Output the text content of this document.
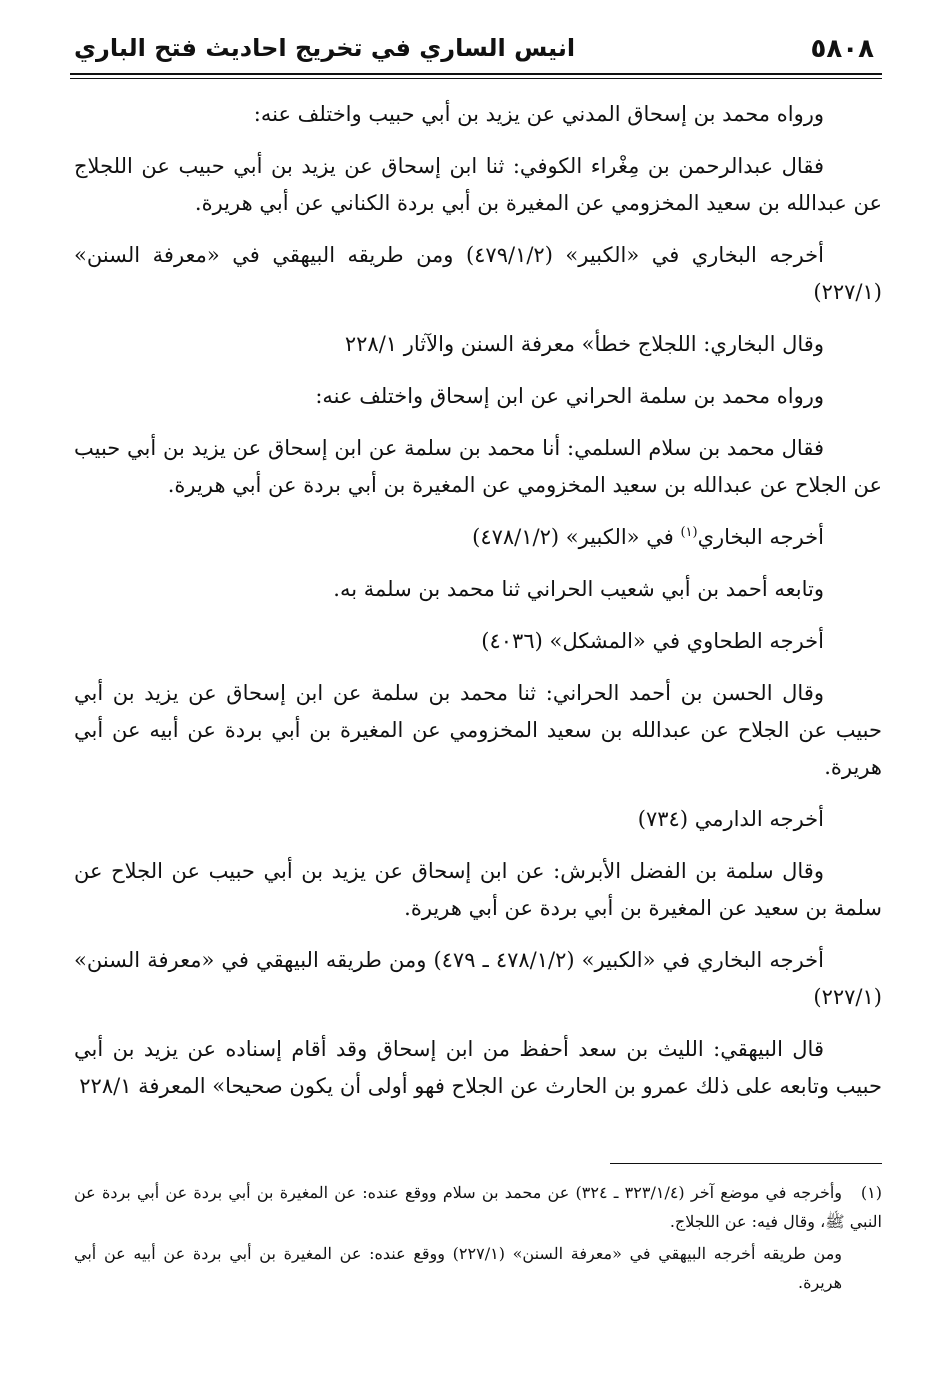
٥٨٠٨
انيس الساري في تخريج احاديث فتح الباري

ورواه محمد بن إسحاق المدني عن يزيد بن أبي حبيب واختلف عنه:

فقال عبدالرحمن بن مِغْراء الكوفي: ثنا ابن إسحاق عن يزيد بن أبي حبيب عن اللجلاج عن عبدالله بن سعيد المخزومي عن المغيرة بن أبي بردة الكناني عن أبي هريرة.

أخرجه البخاري في «الكبير» (٤٧٩/١/٢) ومن طريقه البيهقي في «معرفة السنن» (٢٢٧/١)

وقال البخاري: اللجلاج خطأ» معرفة السنن والآثار ٢٢٨/١

ورواه محمد بن سلمة الحراني عن ابن إسحاق واختلف عنه:

فقال محمد بن سلام السلمي: أنا محمد بن سلمة عن ابن إسحاق عن يزيد بن أبي حبيب عن الجلاح عن عبدالله بن سعيد المخزومي عن المغيرة بن أبي بردة عن أبي هريرة.

أخرجه البخاري$^{(١)}$ في «الكبير» (٤٧٨/١/٢)

وتابعه أحمد بن أبي شعيب الحراني ثنا محمد بن سلمة به.

أخرجه الطحاوي في «المشكل» (٤٠٣٦)

وقال الحسن بن أحمد الحراني: ثنا محمد بن سلمة عن ابن إسحاق عن يزيد بن أبي حبيب عن الجلاح عن عبدالله بن سعيد المخزومي عن المغيرة بن أبي بردة عن أبيه عن أبي هريرة.

أخرجه الدارمي (٧٣٤)

وقال سلمة بن الفضل الأبرش: عن ابن إسحاق عن يزيد بن أبي حبيب عن الجلاح عن سلمة بن سعيد عن المغيرة بن أبي بردة عن أبي هريرة.

أخرجه البخاري في «الكبير» (٤٧٨/١/٢ ـ ٤٧٩) ومن طريقه البيهقي في «معرفة السنن» (٢٢٧/١)

قال البيهقي: الليث بن سعد أحفظ من ابن إسحاق وقد أقام إسناده عن يزيد بن أبي حبيب وتابعه على ذلك عمرو بن الحارث عن الجلاح فهو أولى أن يكون صحيحا» المعرفة ٢٢٨/١

(١)وأخرجه في موضع آخر (٣٢٣/١/٤ ـ ٣٢٤) عن محمد بن سلام ووقع عنده: عن المغيرة بن أبي بردة عن أبي بردة عن النبي ﷺ، وقال فيه: عن اللجلاج.

ومن طريقه أخرجه البيهقي في «معرفة السنن» (٢٢٧/١) ووقع عنده: عن المغيرة بن أبي بردة عن أبيه عن أبي هريرة.
